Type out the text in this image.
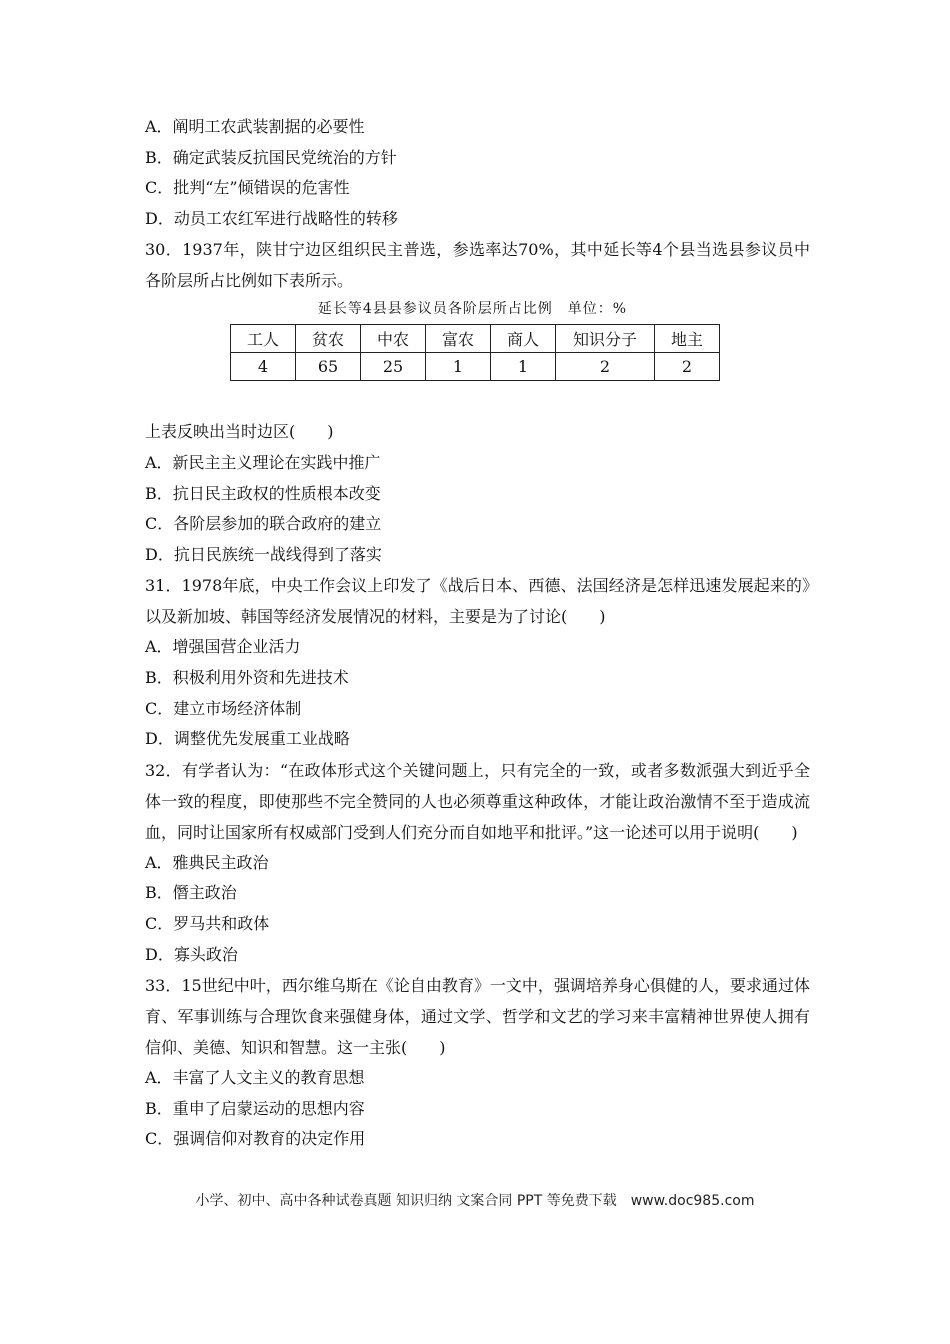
A．阐明工农武装割据的必要性
B．确定武装反抗国民党统治的方针
C．批判“左”倾错误的危害性
D．动员工农红军进行战略性的转移
30．1937年，陕甘宁边区组织民主普选，参选率达70%，其中延长等4个县当选县参议员中各阶层所占比例如下表所示。
延长等4县县参议员各阶层所占比例　单位：%
工人	贫农	中农	富农	商人	知识分子	地主
4	65	25	1	1	2	2
上表反映出当时边区(　　)
A．新民主主义理论在实践中推广
B．抗日民主政权的性质根本改变
C．各阶层参加的联合政府的建立
D．抗日民族统一战线得到了落实
31．1978年底，中央工作会议上印发了《战后日本、西德、法国经济是怎样迅速发展起来的》以及新加坡、韩国等经济发展情况的材料，主要是为了讨论(　　)
A．增强国营企业活力
B．积极利用外资和先进技术
C．建立市场经济体制
D．调整优先发展重工业战略
32．有学者认为：“在政体形式这个关键问题上，只有完全的一致，或者多数派强大到近乎全体一致的程度，即使那些不完全赞同的人也必须尊重这种政体，才能让政治激情不至于造成流血，同时让国家所有权威部门受到人们充分而自如地平和批评。”这一论述可以用于说明(　　)
A．雅典民主政治
B．僭主政治
C．罗马共和政体
D．寡头政治
33．15世纪中叶，西尔维乌斯在《论自由教育》一文中，强调培养身心俱健的人，要求通过体育、军事训练与合理饮食来强健身体，通过文学、哲学和文艺的学习来丰富精神世界使人拥有信仰、美德、知识和智慧。这一主张(　　)
A．丰富了人文主义的教育思想
B．重申了启蒙运动的思想内容
C．强调信仰对教育的决定作用
小学、初中、高中各种试卷真题 知识归纳 文案合同 PPT 等免费下载　www.doc985.com
